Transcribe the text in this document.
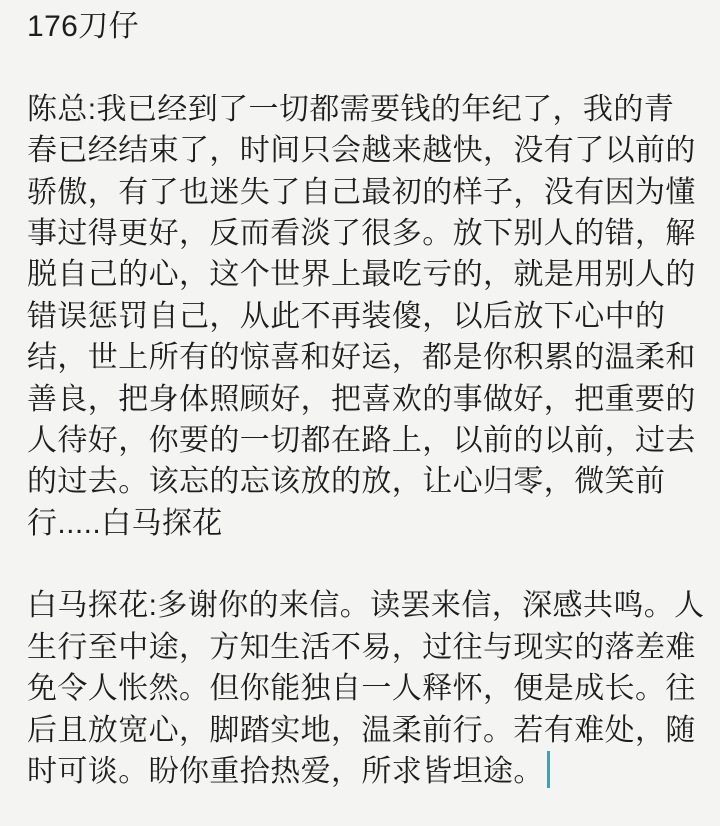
176刀仔
陈总:我已经到了一切都需要钱的年纪了，我的青
春已经结束了，时间只会越来越快，没有了以前的
骄傲，有了也迷失了自己最初的样子，没有因为懂
事过得更好，反而看淡了很多。放下别人的错，解
脱自己的心，这个世界上最吃亏的，就是用别人的
错误惩罚自己，从此不再装傻，以后放下心中的
结，世上所有的惊喜和好运，都是你积累的温柔和
善良，把身体照顾好，把喜欢的事做好，把重要的
人待好，你要的一切都在路上，以前的以前，过去
的过去。该忘的忘该放的放，让心归零，微笑前
行.....白马探花
白马探花:多谢你的来信。读罢来信，深感共鸣。人
生行至中途，方知生活不易，过往与现实的落差难
免令人怅然。但你能独自一人释怀，便是成长。往
后且放宽心，脚踏实地，温柔前行。若有难处，随
时可谈。盼你重拾热爱，所求皆坦途。
